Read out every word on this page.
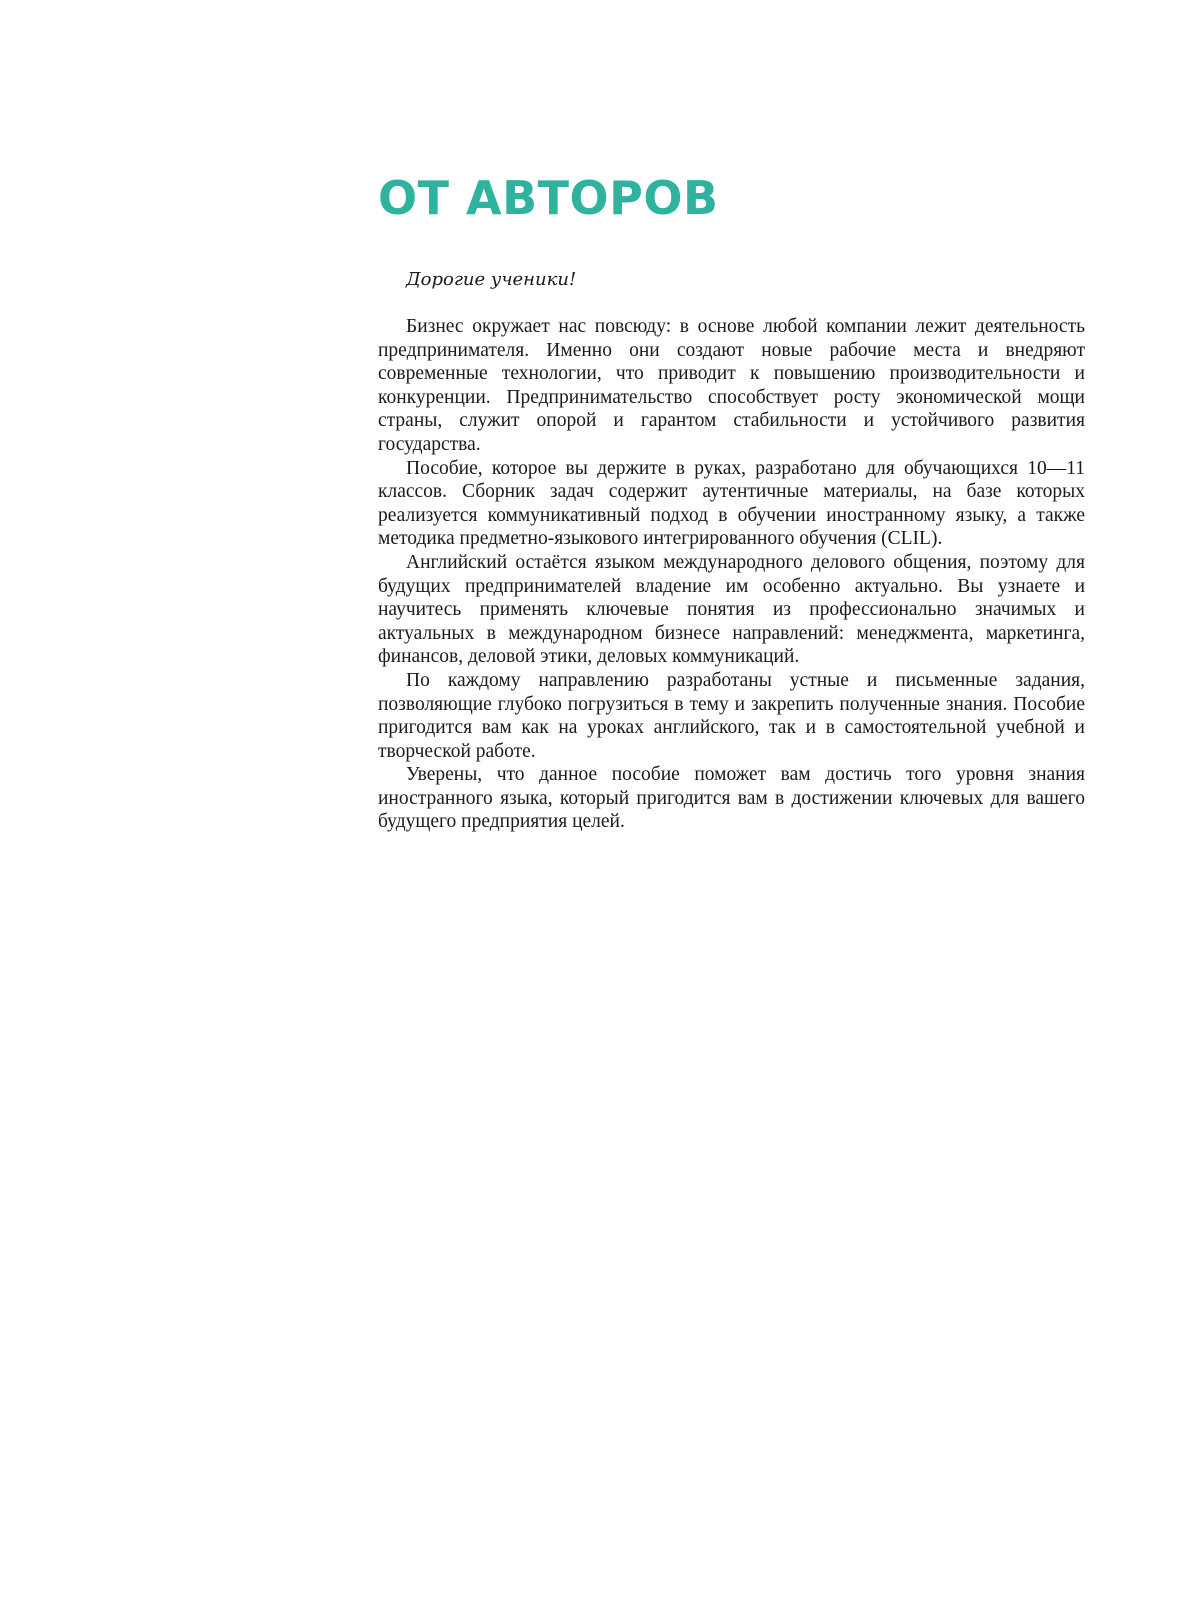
ОТ АВТОРОВ

Дорогие ученики!

Бизнес окружает нас повсюду: в основе любой компании лежит деятельность предпринимателя. Именно они создают новые рабочие места и внедряют современные технологии, что приводит к повышению производительности и конкуренции. Предпринимательство способствует росту экономической мощи страны, служит опорой и гарантом стабильности и устойчивого развития государства.

Пособие, которое вы держите в руках, разработано для обучающихся 10—11 классов. Сборник задач содержит аутентичные материалы, на базе которых реализуется коммуникативный подход в обучении иностранному языку, а также методика предметно-языкового интегрированного обучения (CLIL).

Английский остаётся языком международного делового общения, поэтому для будущих предпринимателей владение им особенно актуально. Вы узнаете и научитесь применять ключевые понятия из профессионально значимых и актуальных в международном бизнесе направлений: менеджмента, маркетинга, финансов, деловой этики, деловых коммуникаций.

По каждому направлению разработаны устные и письменные задания, позволяющие глубоко погрузиться в тему и закрепить полученные знания. Пособие пригодится вам как на уроках английского, так и в самостоятельной учебной и творческой работе.

Уверены, что данное пособие поможет вам достичь того уровня знания иностранного языка, который пригодится вам в достижении ключевых для вашего будущего предприятия целей.
